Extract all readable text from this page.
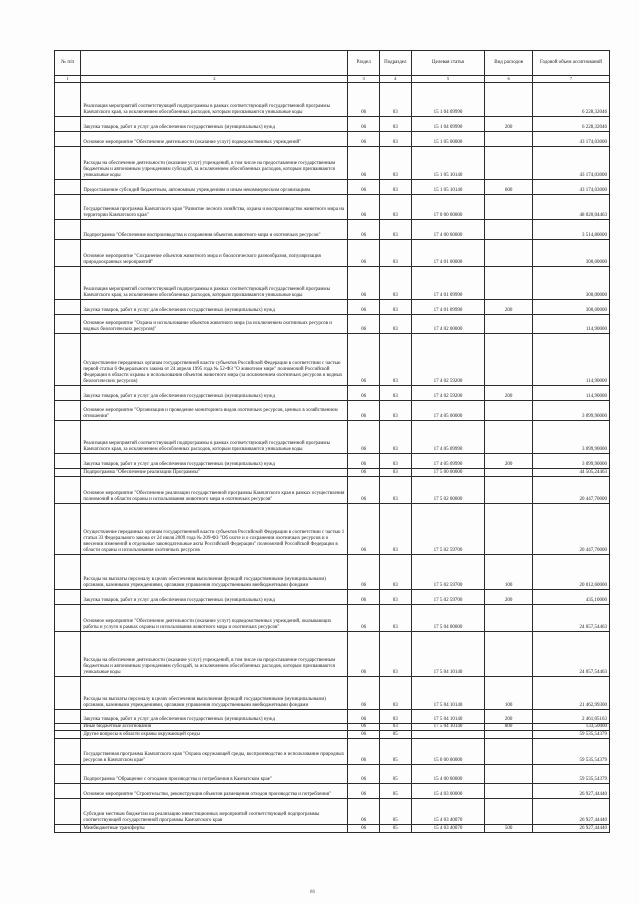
№ п/п		Раздел	Подраздел	Целевая статья	Вид расходов	Годовой объем ассигнований
1	2	3	4	5	6	7
	Реализация мероприятий соответствующей подпрограммы в рамках соответствующей государственной программы Камчатского края, за исключением обособленных расходов, которым присваиваются уникальные коды	06	03	15 1 04 09990		6 228,32046
	Закупка товаров, работ и услуг для обеспечения государственных (муниципальных) нужд	06	03	15 1 04 09990	200	6 228,32046
	Основное мероприятие "Обеспечение деятельности (оказание услуг) подведомственных учреждений"	06	03	15 1 05 00000		43 174,03000
	Расходы на обеспечение деятельности (оказание услуг) учреждений, в том числе на предоставление государственным бюджетным и автономным учреждениям субсидий, за исключением обособленных расходов, которым присваиваются уникальные коды	06	03	15 1 05 10140		43 174,03000
	Предоставление субсидий бюджетным, автономным учреждениям и иным некоммерческим организациям	06	03	15 1 05 10140	600	43 174,03000
	Государственная программа Камчатского края "Развитие лесного хозяйства, охрана и воспроизводство животного мира на территории Камчатского края"	06	03	17 0 00 00000		48 020,04463
	Подпрограмма "Обеспечение воспроизводства и сохранения объектов животного мира и охотничьих ресурсов"	06	03	17 4 00 00000		3 514,80000
	Основное мероприятие "Сохранение объектов животного мира и биологического разнообразия, популяризация природоохранных мероприятий"	06	03	17 4 01 00000		300,00000
	Реализация мероприятий соответствующей подпрограммы в рамках соответствующей государственной программы Камчатского края, за исключением обособленных расходов, которым присваиваются уникальные коды	06	03	17 4 01 09990		300,00000
	Закупка товаров, работ и услуг для обеспечения государственных (муниципальных) нужд	06	03	17 4 01 09990	200	300,00000
	Основное мероприятие "Охрана и использование объектов животного мира (за исключением охотничьих ресурсов и водных биологических ресурсов)"	06	03	17 4 02 00000		114,90000
	Осуществление переданных органам государственной власти субъектов Российской Федерации в соответствии с частью первой статьи 6 Федерального закона от 24 апреля 1995 года № 52-ФЗ "О животном мире" полномочий Российской Федерации в области охраны и использования объектов животного мира (за исключением охотничьих ресурсов и водных биологических ресурсов)	06	03	17 4 02 59200		114,90000
	Закупка товаров, работ и услуг для обеспечения государственных (муниципальных) нужд	06	03	17 4 02 59200	200	114,90000
	Основное мероприятие "Организация и проведение мониторинга видов охотничьих ресурсов, ценных в хозяйственном отношении"	06	03	17 4 05 00000		3 099,90000
	Реализация мероприятий соответствующей подпрограммы в рамках соответствующей государственной программы Камчатского края, за исключением обособленных расходов, которым присваиваются уникальные коды	06	03	17 4 05 09990		3 099,90000
	Закупка товаров, работ и услуг для обеспечения государственных (муниципальных) нужд	06	03	17 4 05 09990	200	3 099,90000
	Подпрограмма "Обеспечение реализации Программы"	06	03	17 5 00 00000		44 505,24463
	Основное мероприятие "Обеспечение реализации государственной программы Камчатского края в рамках осуществления полномочий в области охраны и использования животного мира и охотничьих ресурсов"	06	03	17 5 02 00000		20 447,70000
	Осуществление переданных органам государственной власти субъектов Российской Федерации в соответствии с частью 1 статьи 33 Федерального закона от 24 июля 2009 года № 209-ФЗ "Об охоте и о сохранении охотничьих ресурсов и о внесении изменений в отдельные законодательные акты Российской Федерации" полномочий Российской Федерации в области охраны и использования охотничьих ресурсов	06	03	17 5 02 59700		20 447,70000
	Расходы на выплаты персоналу в целях обеспечения выполнения функций государственными (муниципальными) органами, казенными учреждениями, органами управления государственными внебюджетными фондами	06	03	17 5 02 59700	100	20 012,60000
	Закупка товаров, работ и услуг для обеспечения государственных (муниципальных) нужд	06	03	17 5 02 59700	200	435,10000
	Основное мероприятие "Обеспечение деятельности (оказание услуг) подведомственных учреждений, оказывающих работы и услуги в рамках охраны и использования животного мира и охотничьих ресурсов"	06	03	17 5 04 00000		24 057,54463
	Расходы на обеспечение деятельности (оказание услуг) учреждений, в том числе на предоставление государственным бюджетным и автономным учреждениям субсидий, за исключением обособленных расходов, которым присваиваются уникальные коды	06	03	17 5 04 10140		24 057,54463
	Расходы на выплаты персоналу в целях обеспечения выполнения функций государственными (муниципальными) органами, казенными учреждениями, органами управления государственными внебюджетными фондами	06	03	17 5 04 10140	100	21 462,99300
	Закупка товаров, работ и услуг для обеспечения государственных (муниципальных) нужд	06	03	17 5 04 10140	200	2 461,05163
	Иные бюджетные ассигнования	06	03	17 5 04 10140	800	133,50000
	Другие вопросы в области охраны окружающей среды	06	05			59 535,54379
	Государственная программа Камчатского края "Охрана окружающей среды, воспроизводство и использование природных ресурсов в Камчатском крае"	06	05	15 0 00 00000		59 535,54379
	Подпрограмма "Обращение с отходами производства и потребления в Камчатском крае"	06	05	15 4 00 00000		59 535,54379
	Основное мероприятие "Строительство, реконструкция объектов размещения отходов производства и потребления"	06	05	15 4 03 00000		26 927,44440
	Субсидии местным бюджетам на реализацию инвестиционных мероприятий соответствующей подпрограммы соответствующей государственной программы Камчатского края	06	05	15 4 03 40070		26 927,44440
	Межбюджетные трансферты	06	05	15 4 03 40070	500	26 927,44440
86
